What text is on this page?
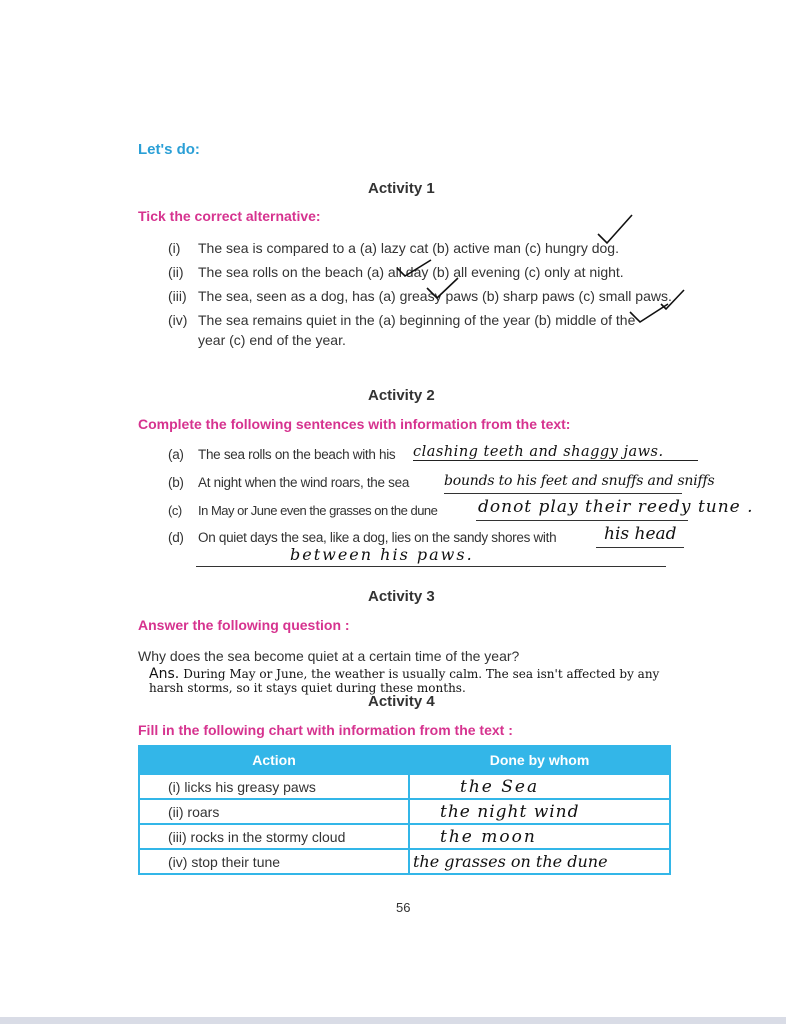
Let's do:
Activity 1
Tick the correct alternative:
(i) The sea is compared to a (a) lazy cat (b) active man (c) hungry dog.
(ii) The sea rolls on the beach (a) all day (b) all evening (c) only at night.
(iii) The sea, seen as a dog, has (a) greasy paws (b) sharp paws (c) small paws.
(iv) The sea remains quiet in the (a) beginning of the year (b) middle of the
year (c) end of the year.
Activity 2
Complete the following sentences with information from the text:
(a) The sea rolls on the beach with his clashing teeth and shaggy jaws.
(b) At night when the wind roars, the sea bounds to his feet and snuffs and sniffs
(c) In May or June even the grasses on the dune donot play their reedy tune .
(d) On quiet days the sea, like a dog, lies on the sandy shores with	his head
between his paws.
Activity 3
Answer the following question :
Why does the sea become quiet at a certain time of the year?
Ans. During May or June, the weather is usually calm. The sea isn't affected by any
harsh storms, so it stays quiet during these months.
Activity 4
Fill in the following chart with information from the text :
Action	Done by whom
(i) licks his greasy paws	the Sea
(ii) roars	the night wind
(iii) rocks in the stormy cloud	the moon
(iv) stop their tune	the grasses on the dune
56
